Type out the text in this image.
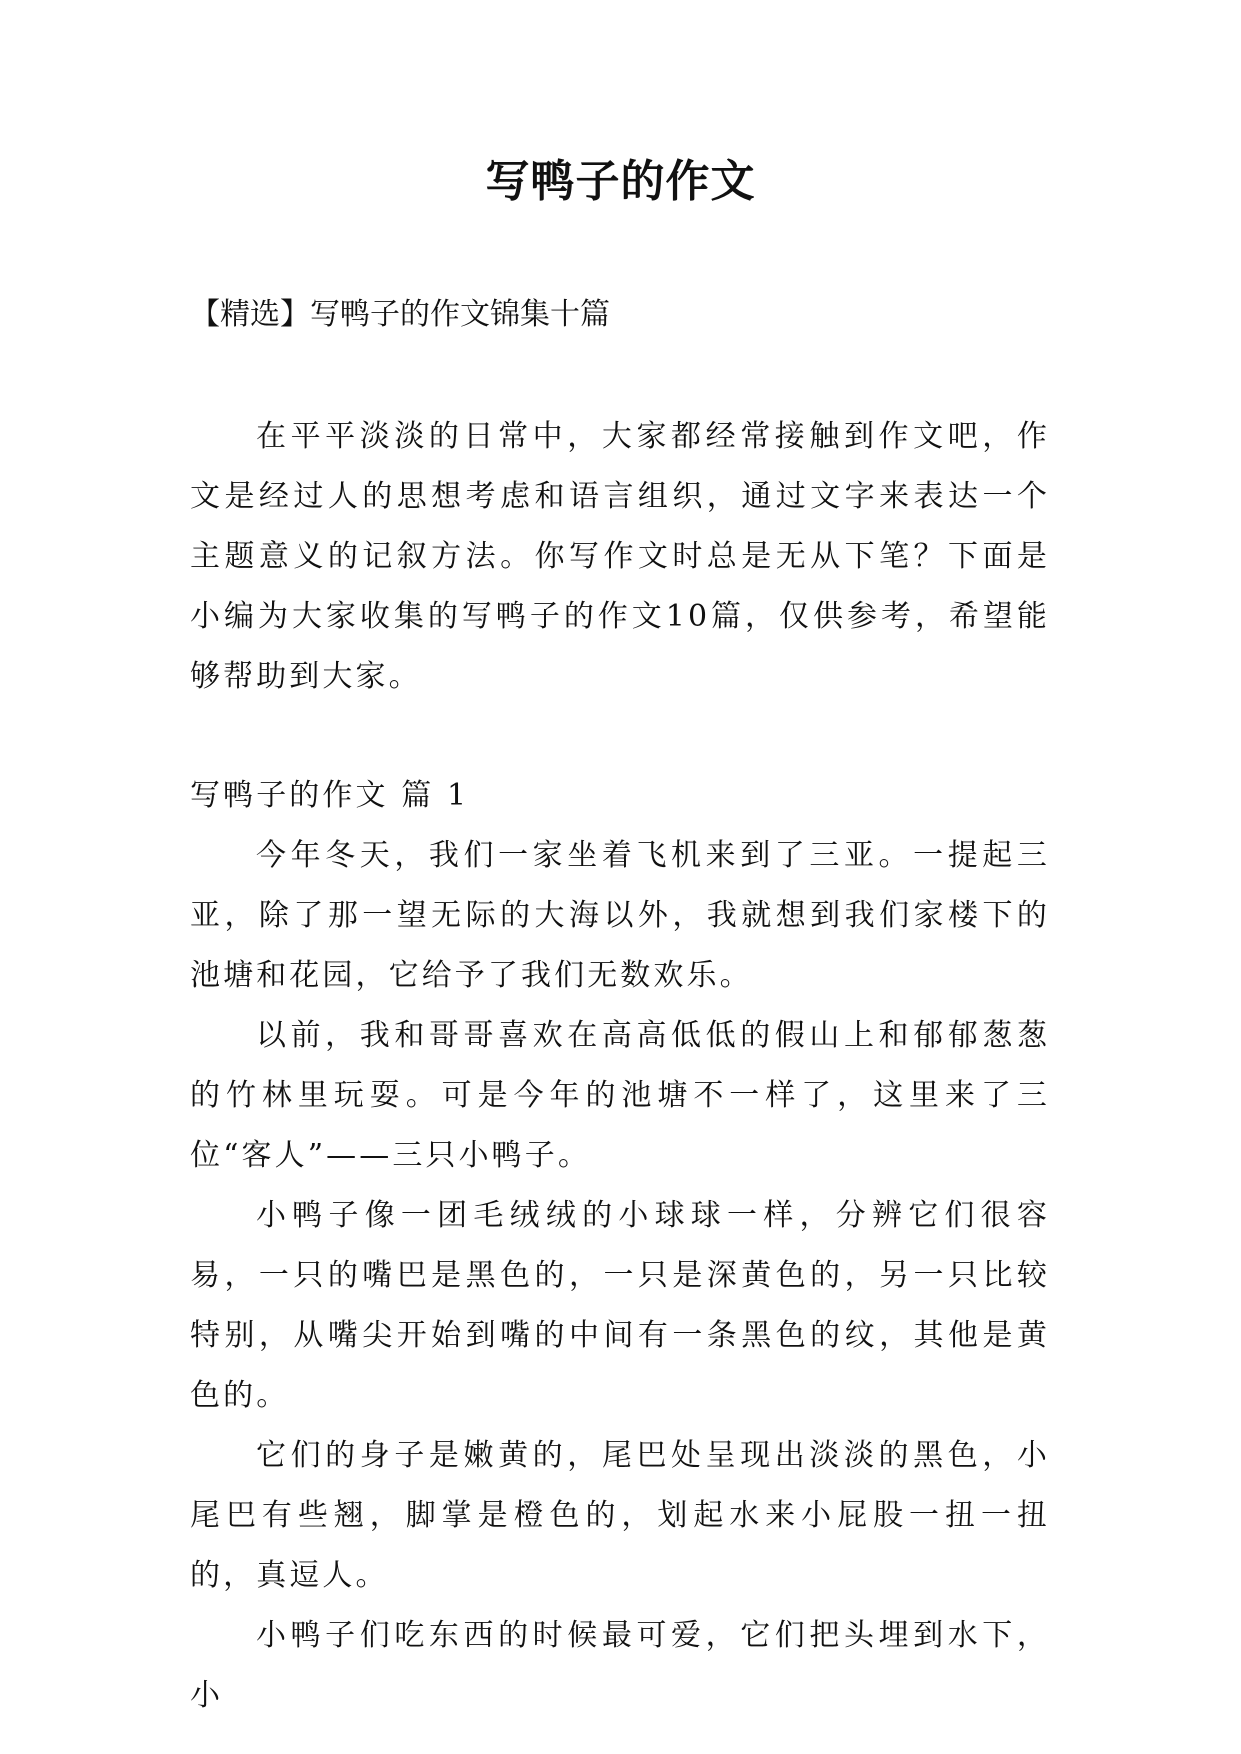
写鸭子的作文
【精选】写鸭子的作文锦集十篇

在平平淡淡的日常中，大家都经常接触到作文吧，作文是经过人的思想考虑和语言组织，通过文字来表达一个主题意义的记叙方法。你写作文时总是无从下笔？下面是小编为大家收集的写鸭子的作文10篇，仅供参考，希望能够帮助到大家。

写鸭子的作文 篇 1

今年冬天，我们一家坐着飞机来到了三亚。一提起三亚，除了那一望无际的大海以外，我就想到我们家楼下的池塘和花园，它给予了我们无数欢乐。

以前，我和哥哥喜欢在高高低低的假山上和郁郁葱葱的竹林里玩耍。可是今年的池塘不一样了，这里来了三位“客人”——三只小鸭子。

小鸭子像一团毛绒绒的小球球一样，分辨它们很容易，一只的嘴巴是黑色的，一只是深黄色的，另一只比较特别，从嘴尖开始到嘴的中间有一条黑色的纹，其他是黄色的。

它们的身子是嫩黄的，尾巴处呈现出淡淡的黑色，小尾巴有些翘，脚掌是橙色的，划起水来小屁股一扭一扭的，真逗人。

小鸭子们吃东西的时候最可爱，它们把头埋到水下，小
